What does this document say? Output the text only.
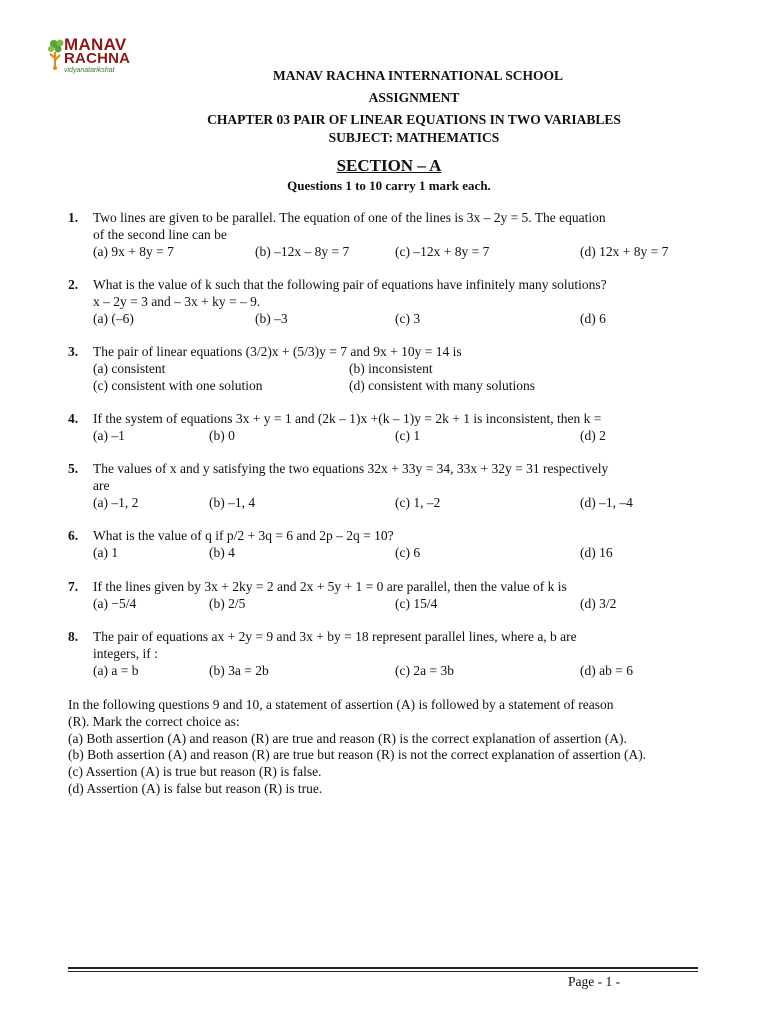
MANAV
RACHNA
vidyanatarikshat	MANAV RACHNA INTERNATIONAL SCHOOL
ASSIGNMENT
CHAPTER 03 PAIR OF LINEAR EQUATIONS IN TWO VARIABLES
SUBJECT: MATHEMATICS
SECTION – A
Questions 1 to 10 carry 1 mark each.
1.	Two lines are given to be parallel. The equation of one of the lines is 3x – 2y = 5. The equation
of the second line can be
(a) 9x + 8y = 7	(b) –12x – 8y = 7	(c) –12x + 8y = 7	(d) 12x + 8y = 7
2.	What is the value of k such that the following pair of equations have infinitely many solutions?
x – 2y = 3 and – 3x + ky = – 9.
(a) (–6)	(b) –3	(c) 3	(d) 6
3.	The pair of linear equations (3/2)x + (5/3)y = 7 and 9x + 10y = 14 is
(a) consistent	(b) inconsistent
(c) consistent with one solution	(d) consistent with many solutions
4.	If the system of equations 3x + y = 1 and (2k – 1)x +(k – 1)y = 2k + 1 is inconsistent, then k =
(a) –1	(b) 0	(c) 1	(d) 2
5.	The values of x and y satisfying the two equations 32x + 33y = 34, 33x + 32y = 31 respectively
are
(a) –1, 2	(b) –1, 4	(c) 1, –2	(d) –1, –4
6.	What is the value of q if p/2 + 3q = 6 and 2p – 2q = 10?
(a) 1	(b) 4	(c) 6	(d) 16
7.	If the lines given by 3x + 2ky = 2 and 2x + 5y + 1 = 0 are parallel, then the value of k is
(a) −5/4	(b) 2/5	(c) 15/4	(d) 3/2
8.	The pair of equations ax + 2y = 9 and 3x + by = 18 represent parallel lines, where a, b are
integers, if :
(a) a = b	(b) 3a = 2b	(c) 2a = 3b	(d) ab = 6
In the following questions 9 and 10, a statement of assertion (A) is followed by a statement of reason
(R). Mark the correct choice as:
(a) Both assertion (A) and reason (R) are true and reason (R) is the correct explanation of assertion (A).
(b) Both assertion (A) and reason (R) are true but reason (R) is not the correct explanation of assertion (A).
(c) Assertion (A) is true but reason (R) is false.
(d) Assertion (A) is false but reason (R) is true.
Page - 1 -
